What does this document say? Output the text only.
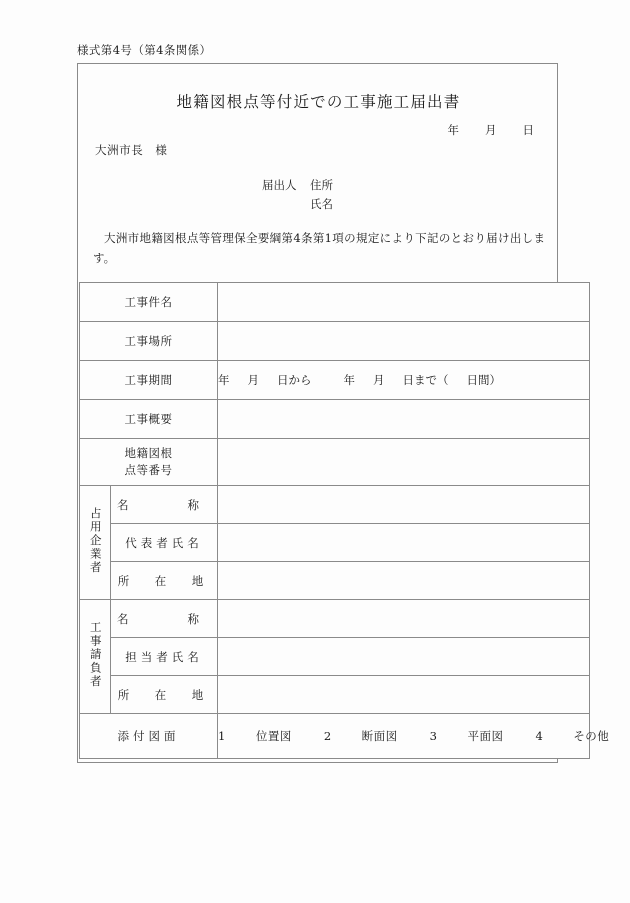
様式第4号（第4条関係）
地籍図根点等付近での工事施工届出書
年 月 日
大洲市長 様
届出人 住所
氏名
大洲市地籍図根点等管理保全要綱第4条第1項の規定により下記のとおり届け出します。
工事件名		
工事場所		
工事期間		年 月 日から 年 月 日まで（ 日間）
工事概要		

地籍図根
点等番号		

占用企業者	名　　称	
	代表者氏名	
	所　在　地	
工事請負者	名　　称	
	担当者氏名	
	所　在　地	
添付図面		1 位置図 2 断面図 3 平面図 4 その他
